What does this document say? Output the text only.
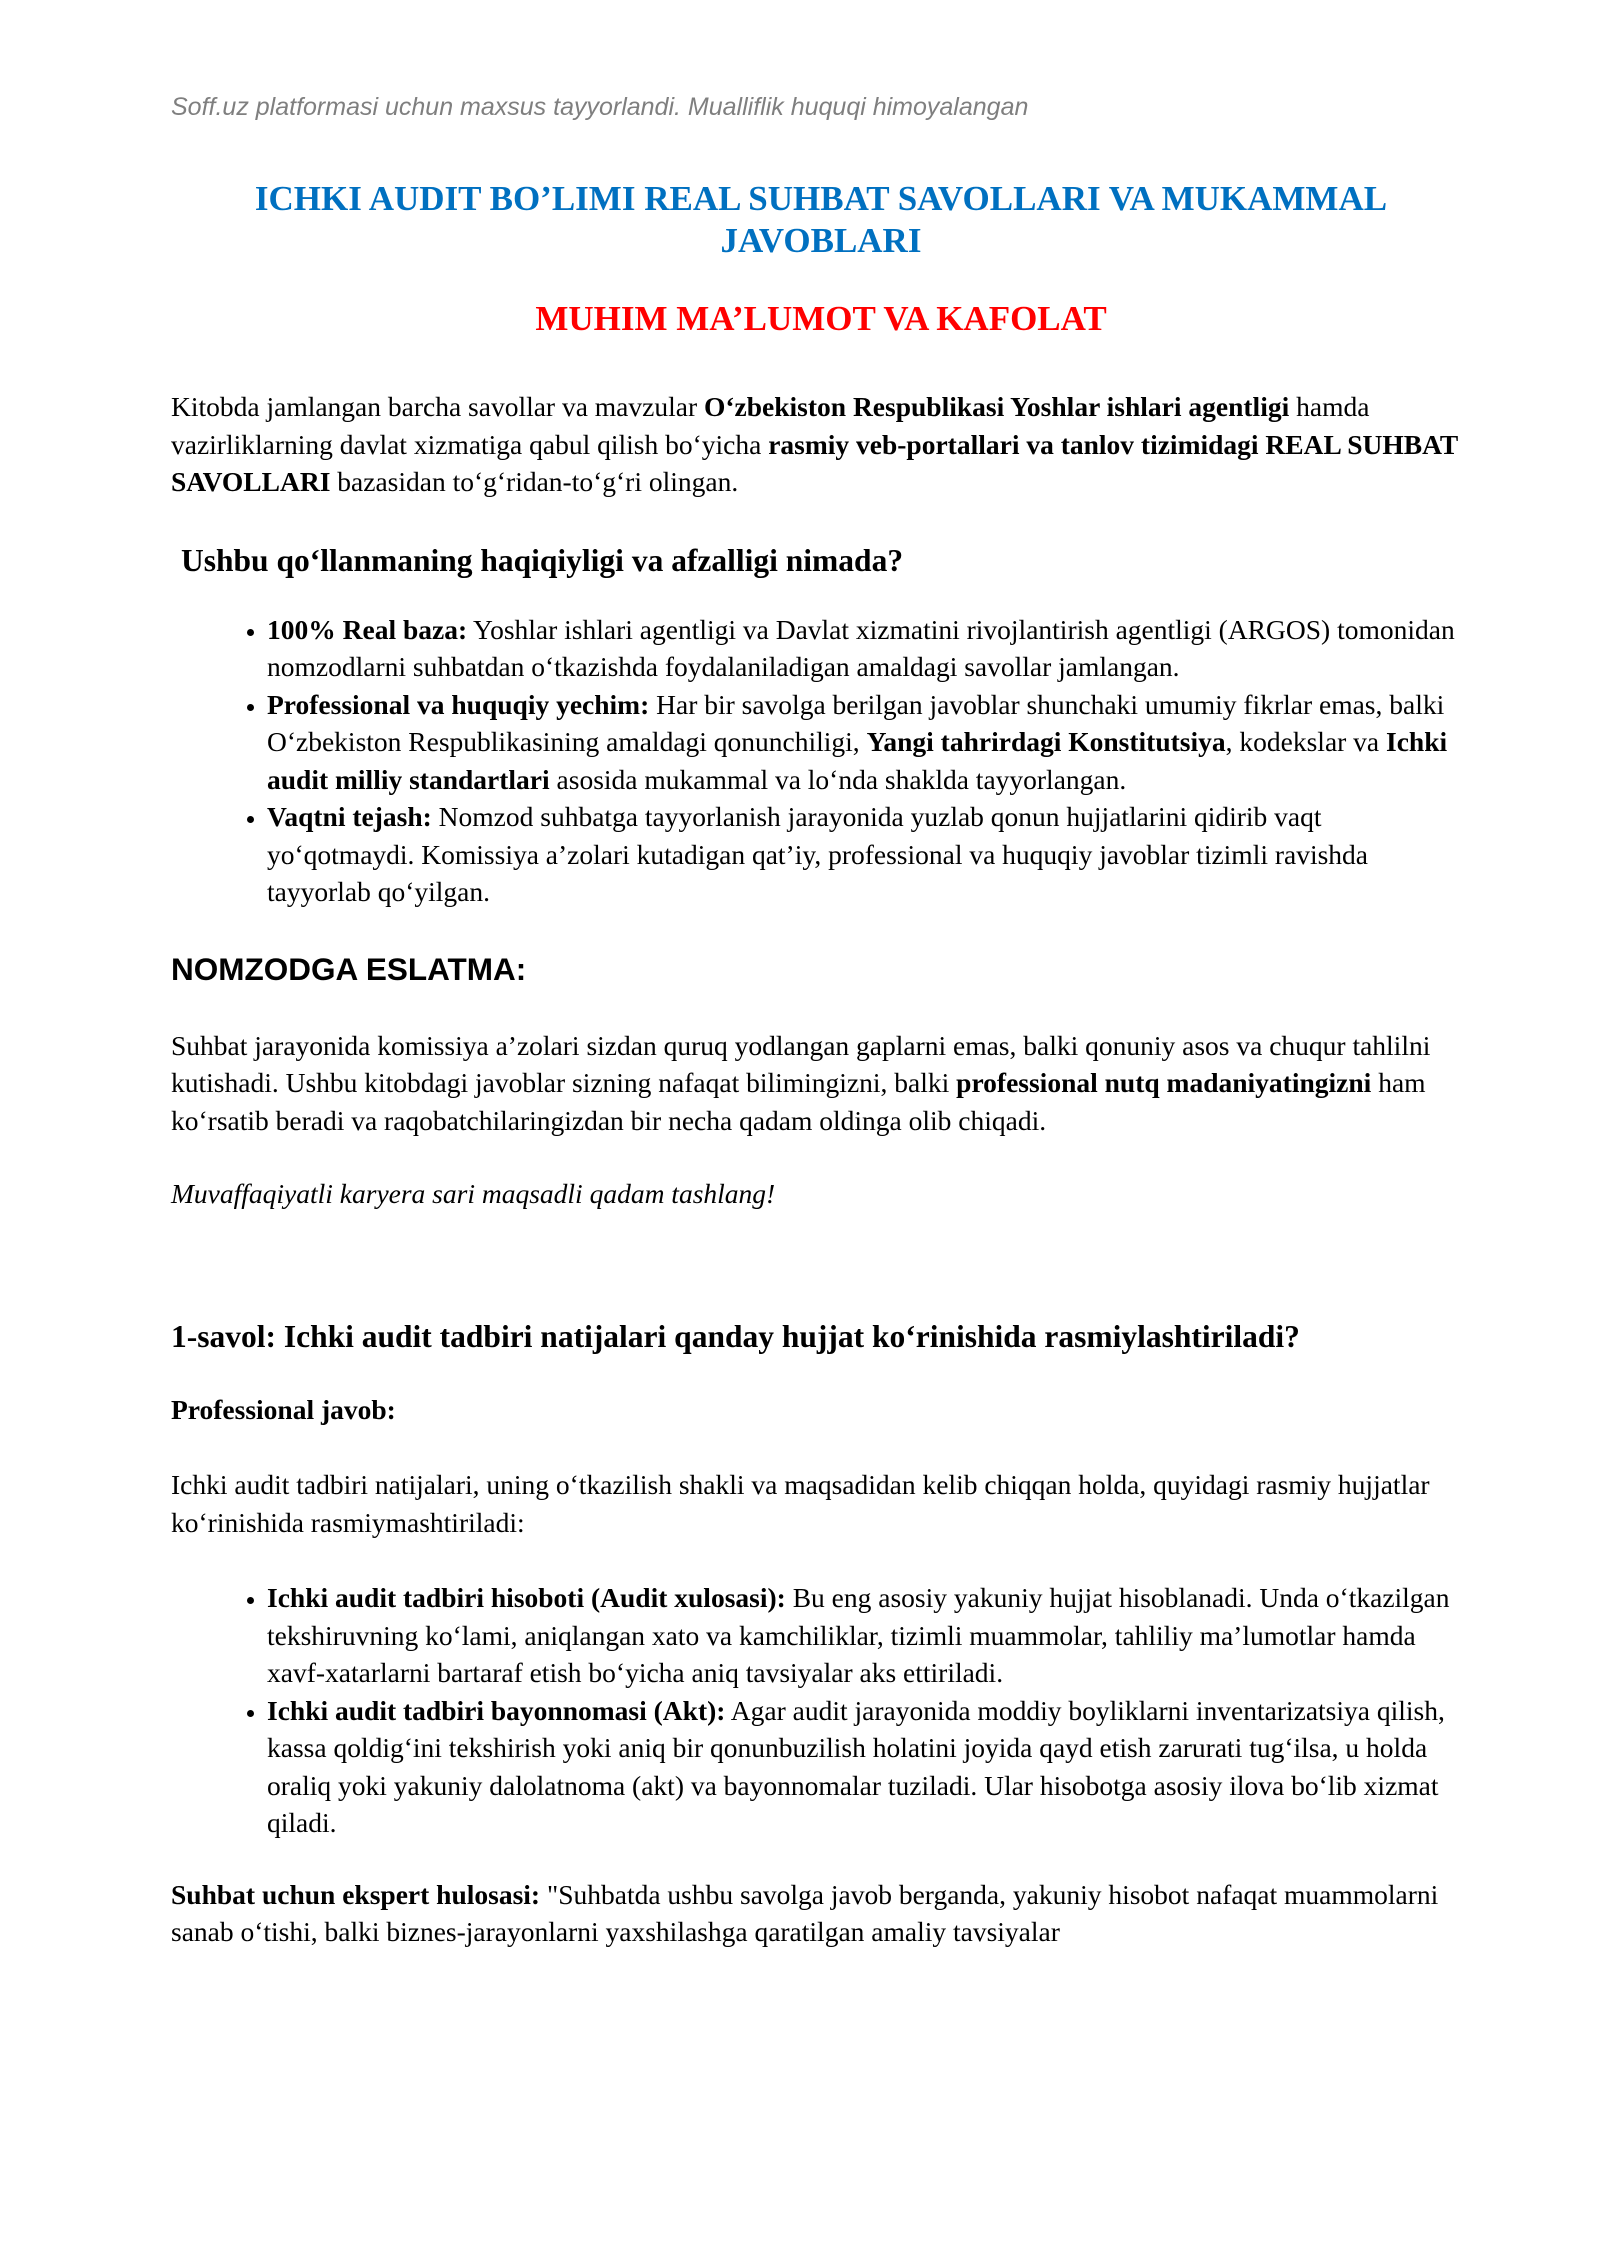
Soff.uz platformasi uchun maxsus tayyorlandi. Mualliflik huquqi himoyalangan

ICHKI AUDIT BO’LIMI REAL SUHBAT SAVOLLARI VA MUKAMMAL
JAVOBLARI
MUHIM MA’LUMOT VA KAFOLAT

Kitobda jamlangan barcha savollar va mavzular O‘zbekiston Respublikasi Yoshlar ishlari agentligi hamda vazirliklarning davlat xizmatiga qabul qilish bo‘yicha rasmiy veb-portallari va tanlov tizimidagi REAL SUHBAT SAVOLLARI bazasidan to‘g‘ridan-to‘g‘ri olingan.

Ushbu qo‘llanmaning haqiqiyligi va afzalligi nimada?
• 100% Real baza: Yoshlar ishlari agentligi va Davlat xizmatini rivojlantirish agentligi (ARGOS) tomonidan nomzodlarni suhbatdan o‘tkazishda foydalaniladigan amaldagi savollar jamlangan.
• Professional va huquqiy yechim: Har bir savolga berilgan javoblar shunchaki umumiy fikrlar emas, balki O‘zbekiston Respublikasining amaldagi qonunchiligi, Yangi tahrirdagi Konstitutsiya, kodekslar va Ichki audit milliy standartlari asosida mukammal va lo‘nda shaklda tayyorlangan.
• Vaqtni tejash: Nomzod suhbatga tayyorlanish jarayonida yuzlab qonun hujjatlarini qidirib vaqt yo‘qotmaydi. Komissiya a’zolari kutadigan qat’iy, professional va huquqiy javoblar tizimli ravishda tayyorlab qo‘yilgan.
NOMZODGA ESLATMA:

Suhbat jarayonida komissiya a’zolari sizdan quruq yodlangan gaplarni emas, balki qonuniy asos va chuqur tahlilni kutishadi. Ushbu kitobdagi javoblar sizning nafaqat bilimingizni, balki professional nutq madaniyatingizni ham ko‘rsatib beradi va raqobatchilaringizdan bir necha qadam oldinga olib chiqadi.

Muvaffaqiyatli karyera sari maqsadli qadam tashlang!

1-savol: Ichki audit tadbiri natijalari qanday hujjat ko‘rinishida rasmiylashtiriladi?

Professional javob:

Ichki audit tadbiri natijalari, uning o‘tkazilish shakli va maqsadidan kelib chiqqan holda, quyidagi rasmiy hujjatlar ko‘rinishida rasmiymashtiriladi:

• Ichki audit tadbiri hisoboti (Audit xulosasi): Bu eng asosiy yakuniy hujjat hisoblanadi. Unda o‘tkazilgan tekshiruvning ko‘lami, aniqlangan xato va kamchiliklar, tizimli muammolar, tahliliy ma’lumotlar hamda xavf-xatarlarni bartaraf etish bo‘yicha aniq tavsiyalar aks ettiriladi.
• Ichki audit tadbiri bayonnomasi (Akt): Agar audit jarayonida moddiy boyliklarni inventarizatsiya qilish, kassa qoldig‘ini tekshirish yoki aniq bir qonunbuzilish holatini joyida qayd etish zarurati tug‘ilsa, u holda oraliq yoki yakuniy dalolatnoma (akt) va bayonnomalar tuziladi. Ular hisobotga asosiy ilova bo‘lib xizmat qiladi.

Suhbat uchun ekspert hulosasi: "Suhbatda ushbu savolga javob berganda, yakuniy hisobot nafaqat muammolarni sanab o‘tishi, balki biznes-jarayonlarni yaxshilashga qaratilgan amaliy tavsiyalar
